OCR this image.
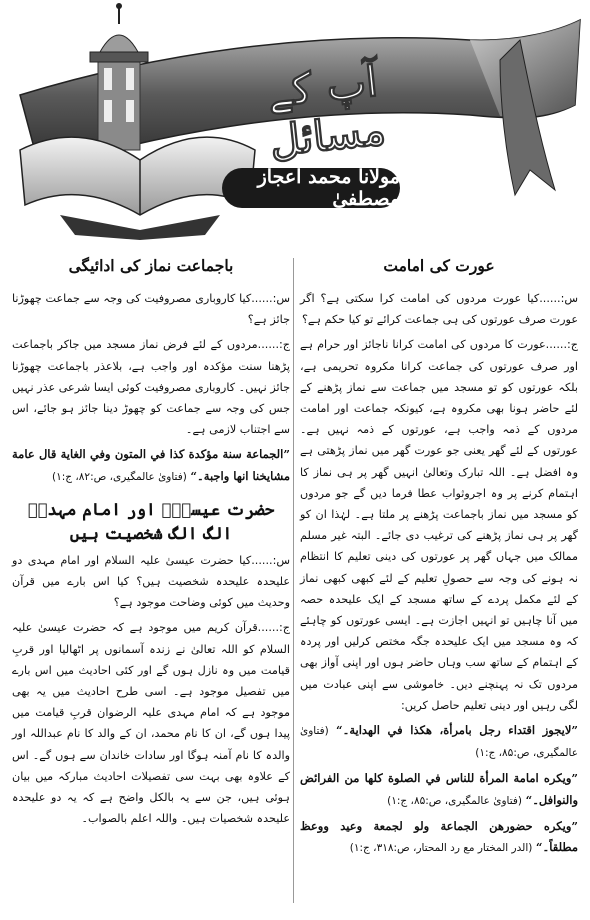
آپ کے مسائل
مولانا محمد اعجاز مصطفیٰ
عورت کی امامت

س:......کیا عورت مردوں کی امامت کرا سکتی ہے؟ اگر عورت صرف عورتوں کی ہی جماعت کرائے تو کیا حکم ہے؟

ج:......عورت کا مردوں کی امامت کرانا ناجائز اور حرام ہے اور صرف عورتوں کی جماعت کرانا مکروہ تحریمی ہے، بلکہ عورتوں کو تو مسجد میں جماعت سے نماز پڑھنے کے لئے حاضر ہونا بھی مکروہ ہے، کیونکہ جماعت اور امامت مردوں کے ذمہ واجب ہے، عورتوں کے ذمہ نہیں ہے۔ عورتوں کے لئے گھر یعنی جو عورت گھر میں نماز پڑھتی ہے وہ افضل ہے۔ اللہ تبارک وتعالیٰ انہیں گھر پر ہی نماز کا اہتمام کرنے پر وہ اجروثواب عطا فرما دیں گے جو مردوں کو مسجد میں نماز باجماعت پڑھنے پر ملتا ہے۔ لہٰذا ان کو گھر پر ہی نماز پڑھنے کی ترغیب دی جائے۔ البتہ غیر مسلم ممالک میں جہاں گھر پر عورتوں کی دینی تعلیم کا انتظام نہ ہونے کی وجہ سے حصولِ تعلیم کے لئے کبھی کبھی نماز کے لئے مکمل پردے کے ساتھ مسجد کے ایک علیحدہ حصہ میں آنا چاہیں تو انہیں اجازت ہے۔ ایسی عورتوں کو چاہئے کہ وہ مسجد میں ایک علیحدہ جگہ مختص کرلیں اور پردہ کے اہتمام کے ساتھ سب وہاں حاضر ہوں اور اپنی آواز بھی مردوں تک نہ پہنچنے دیں۔ خاموشی سے اپنی عبادت میں لگی رہیں اور دینی تعلیم حاصل کریں:

”لایجوز اقتداء رجل بامرأة، هكذا في الهداية۔“ (فتاویٰ عالمگیری، ص:۸۵، ج:۱)

”ویکره امامة المرأة للناس في الصلوة كلها من الفرائض والنوافل۔“ (فتاویٰ عالمگیری، ص:۸۵، ج:۱)

”ویکره حضورهن الجماعة ولو لجمعة وعید ووعظ مطلقاً۔“ (الدر المختار مع رد المحتار، ص:۳۱۸، ج:۱)

باجماعت نماز کی ادائیگی

س:......کیا کاروباری مصروفیت کی وجہ سے جماعت چھوڑنا جائز ہے؟

ج:......مردوں کے لئے فرض نماز مسجد میں جاکر باجماعت پڑھنا سنت مؤکدہ اور واجب ہے، بلاعذر باجماعت چھوڑنا جائز نہیں۔ کاروباری مصروفیت کوئی ایسا شرعی عذر نہیں جس کی وجہ سے جماعت کو چھوڑ دینا جائز ہو جائے، اس سے اجتناب لازمی ہے۔

”الجماعة سنة مؤكدة كذا في المتون وفي الغاية قال عامة مشايخنا انها واجبة۔“ (فتاویٰ عالمگیری، ص:۸۲، ج:۱)

حضرت عیسیٰؑ اور امام مہدیؓ الگ الگ شخصیت ہیں

س:......کیا حضرت عیسیٰ علیہ السلام اور امام مہدی دو علیحدہ علیحدہ شخصیت ہیں؟ کیا اس بارے میں قرآن وحدیث میں کوئی وضاحت موجود ہے؟

ج:......قرآن کریم میں موجود ہے کہ حضرت عیسیٰ علیہ السلام کو اللہ تعالیٰ نے زندہ آسمانوں پر اٹھالیا اور قربِ قیامت میں وہ نازل ہوں گے اور کئی احادیث میں اس بارے میں تفصیل موجود ہے۔ اسی طرح احادیث میں یہ بھی موجود ہے کہ امام مہدی علیہ الرضوان قربِ قیامت میں پیدا ہوں گے، ان کا نام محمد، ان کے والد کا نام عبداللہ اور والدہ کا نام آمنہ ہوگا اور سادات خاندان سے ہوں گے۔ اس کے علاوہ بھی بہت سی تفصیلات احادیث مبارکہ میں بیان ہوئی ہیں، جن سے یہ بالکل واضح ہے کہ یہ دو علیحدہ علیحدہ شخصیات ہیں۔ واللہ اعلم بالصواب۔
